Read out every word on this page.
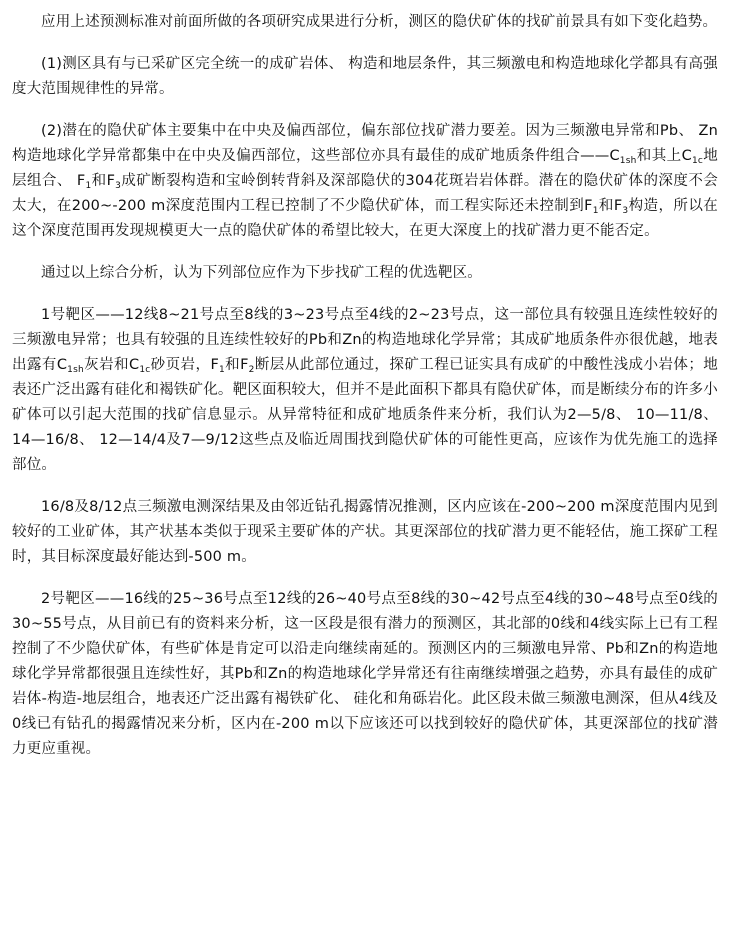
应用上述预测标准对前面所做的各项研究成果进行分析，测区的隐伏矿体的找矿前景具有如下变化趋势。

(1)测区具有与已采矿区完全统一的成矿岩体、 构造和地层条件，其三频激电和构造地球化学都具有高强度大范围规律性的异常。

(2)潜在的隐伏矿体主要集中在中央及偏西部位，偏东部位找矿潜力要差。因为三频激电异常和Pb、 Zn构造地球化学异常都集中在中央及偏西部位，这些部位亦具有最佳的成矿地质条件组合$——C_{1sh}$和其上$C_{1c}$地层组合、 $F_1$和$F_3$成矿断裂构造和宝岭倒转背斜及深部隐伏的304花斑岩岩体群。潜在的隐伏矿体的深度不会太大，在200~-200 m深度范围内工程已控制了不少隐伏矿体，而工程实际还未控制到$F_1$和$F_3$构造，所以在这个深度范围再发现规模更大一点的隐伏矿体的希望比较大，在更大深度上的找矿潜力更不能否定。

通过以上综合分析，认为下列部位应作为下步找矿工程的优选靶区。

1号靶区——12线8~21号点至8线的3~23号点至4线的2~23号点，这一部位具有较强且连续性较好的三频激电异常；也具有较强的且连续性较好的Pb和Zn的构造地球化学异常；其成矿地质条件亦很优越，地表出露有$C_{1sh}$灰岩和$C_{1c}$砂页岩，$F_1$和$F_2$断层从此部位通过，探矿工程已证实具有成矿的中酸性浅成小岩体；地表还广泛出露有硅化和褐铁矿化。靶区面积较大，但并不是此面积下都具有隐伏矿体，而是断续分布的许多小矿体可以引起大范围的找矿信息显示。从异常特征和成矿地质条件来分析，我们认为2—5/8、 10—11/8、 14—16/8、 12—14/4及7—9/12这些点及临近周围找到隐伏矿体的可能性更高，应该作为优先施工的选择部位。

16/8及8/12点三频激电测深结果及由邻近钻孔揭露情况推测，区内应该在-200~200 m深度范围内见到较好的工业矿体，其产状基本类似于现采主要矿体的产状。其更深部位的找矿潜力更不能轻估，施工探矿工程时，其目标深度最好能达到-500 m。

2号靶区——16线的25~36号点至12线的26~40号点至8线的30~42号点至4线的30~48号点至0线的30~55号点，从目前已有的资料来分析，这一区段是很有潜力的预测区，其北部的0线和4线实际上已有工程控制了不少隐伏矿体，有些矿体是肯定可以沿走向继续南延的。预测区内的三频激电异常、Pb和Zn的构造地球化学异常都很强且连续性好，其Pb和Zn的构造地球化学异常还有往南继续增强之趋势，亦具有最佳的成矿岩体-构造-地层组合，地表还广泛出露有褐铁矿化、 硅化和角砾岩化。此区段未做三频激电测深，但从4线及0线已有钻孔的揭露情况来分析，区内在-200 m以下应该还可以找到较好的隐伏矿体，其更深部位的找矿潜力更应重视。
